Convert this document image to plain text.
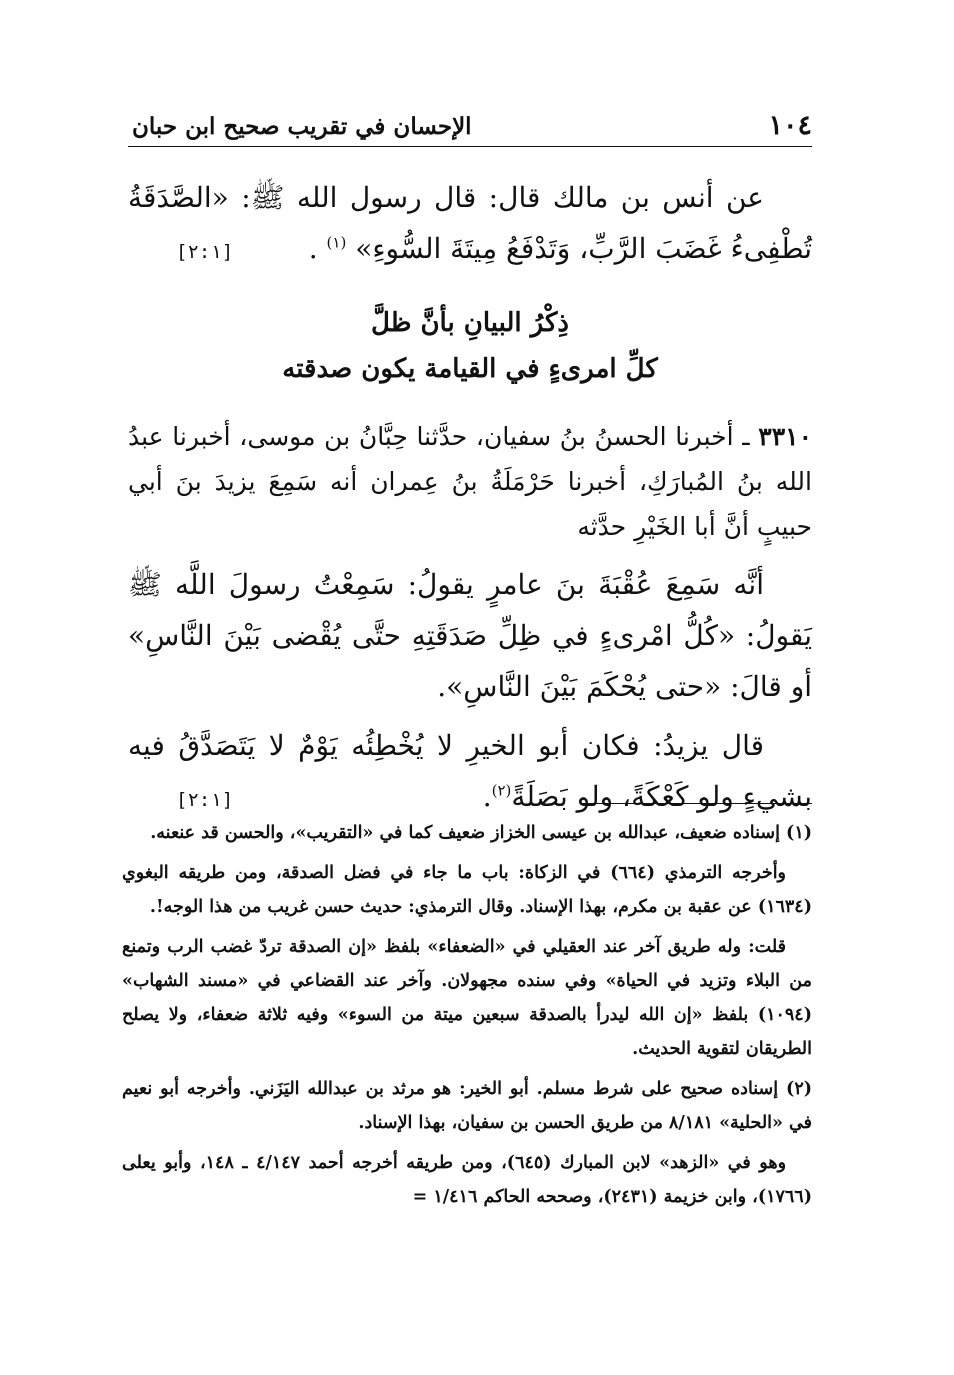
١٠٤
الإحسان في تقريب صحيح ابن حبان

عن أنس بن مالك قال: قال رسول الله ﷺ: «الصَّدَقَةُ تُطْفِىءُ غَضَبَ الرَّبِّ، وَتَدْفَعُ مِيتَةَ السُّوءِ» $^{(١)}$ .
[٢:١]

ذِكْرُ البيانِ بأنَّ ظلَّ

كلِّ امرىءٍ في القيامة يكون صدقته

٣٣١٠ ـ أخبرنا الحسنُ بنُ سفيان، حدَّثنا حِبَّانُ بن موسى، أخبرنا عبدُ الله بنُ المُبارَكِ، أخبرنا حَرْمَلَةُ بنُ عِمران أنه سَمِعَ يزيدَ بنَ أبي حبيبٍ أنَّ أبا الخَيْرِ حدَّثه

أنَّه سَمِعَ عُقْبَةَ بنَ عامرٍ يقولُ: سَمِعْتُ رسولَ اللَّه ﷺ يَقولُ: «كُلُّ امْرىءٍ في ظِلِّ صَدَقَتِهِ حتَّى يُقْضى بَيْنَ النَّاسِ» أو قالَ: «حتى يُحْكَمَ بَيْنَ النَّاسِ».

قال يزيدُ: فكان أبو الخيرِ لا يُخْطِئُه يَوْمٌ لا يَتَصَدَّقُ فيه بشيءٍ ولو كَعْكَةً، ولو بَصَلَةً$^{(٢)}$.
[٢:١]

(١) إسناده ضعيف، عبدالله بن عيسى الخزاز ضعيف كما في «التقريب»، والحسن قد عنعنه.

وأخرجه الترمذي (٦٦٤) في الزكاة: باب ما جاء في فضل الصدقة، ومن طريقه البغوي (١٦٣٤) عن عقبة بن مكرم، بهذا الإسناد. وقال الترمذي: حديث حسن غريب من هذا الوجه!.

قلت: وله طريق آخر عند العقيلي في «الضعفاء» بلفظ «إن الصدقة تردّ غضب الرب وتمنع من البلاء وتزيد في الحياة» وفي سنده مجهولان. وآخر عند القضاعي في «مسند الشهاب» (١٠٩٤) بلفظ «إن الله ليدرأ بالصدقة سبعين ميتة من السوء» وفيه ثلاثة ضعفاء، ولا يصلح الطريقان لتقوية الحديث.

(٢) إسناده صحيح على شرط مسلم. أبو الخير: هو مرثد بن عبدالله اليَزَني. وأخرجه أبو نعيم في «الحلية» ٨/١٨١ من طريق الحسن بن سفيان، بهذا الإسناد.

وهو في «الزهد» لابن المبارك (٦٤٥)، ومن طريقه أخرجه أحمد ٤/١٤٧ ـ ١٤٨، وأبو يعلى (١٧٦٦)، وابن خزيمة (٢٤٣١)، وصححه الحاكم ١/٤١٦ =
